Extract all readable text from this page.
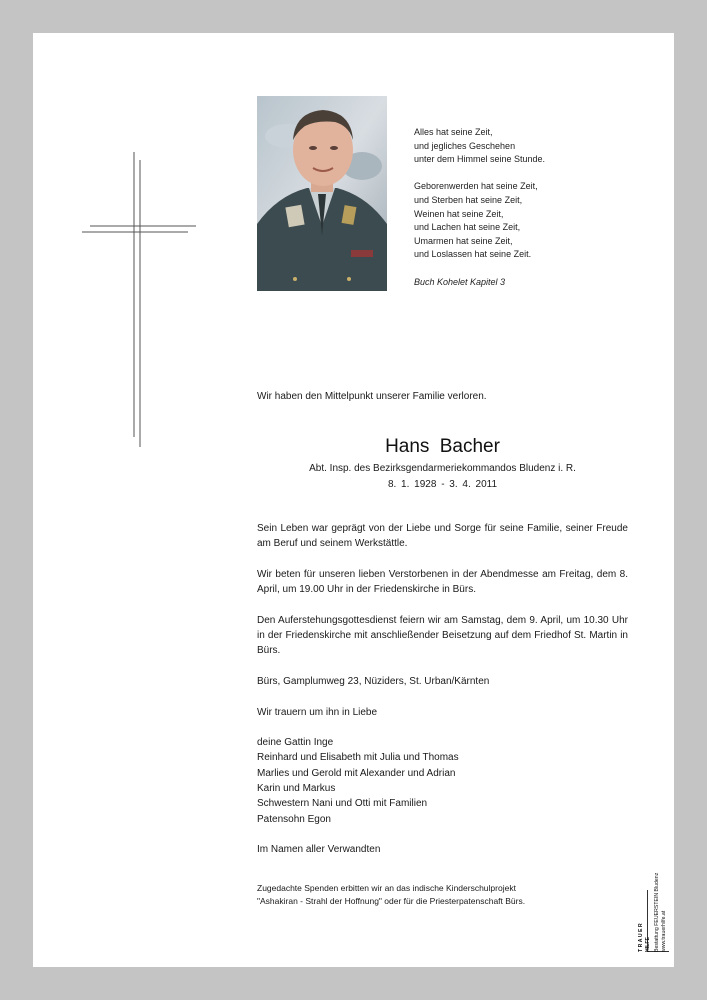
Alles hat seine Zeit,
und jegliches Geschehen
unter dem Himmel seine Stunde.
Geborenwerden hat seine Zeit,
und Sterben hat seine Zeit,
Weinen hat seine Zeit,
und Lachen hat seine Zeit,
Umarmen hat seine Zeit,
und Loslassen hat seine Zeit.
Buch Kohelet Kapitel 3
Wir haben den Mittelpunkt unserer Familie verloren.
Hans Bacher
Abt. Insp. des Bezirksgendarmeriekommandos Bludenz i. R.
8. 1. 1928 - 3. 4. 2011

Sein Leben war geprägt von der Liebe und Sorge für seine Familie, seiner Freude am Beruf und seinem Werkstättle.

Wir beten für unseren lieben Verstorbenen in der Abendmesse am Freitag, dem 8. April, um 19.00 Uhr in der Friedenskirche in Bürs.

Den Auferstehungsgottesdienst feiern wir am Samstag, dem 9. April, um 10.30 Uhr in der Friedenskirche mit anschließender Beisetzung auf dem Friedhof St. Martin in Bürs.

Bürs, Gamplumweg 23, Nüziders, St. Urban/Kärnten

Wir trauern um ihn in Liebe

deine Gattin Inge
Reinhard und Elisabeth mit Julia und Thomas
Marlies und Gerold mit Alexander und Adrian
Karin und Markus
Schwestern Nani und Otti mit Familien
Patensohn Egon

Im Namen aller Verwandten

Zugedachte Spenden erbitten wir an das indische Kinderschulprojekt
"Ashakiran - Strahl der Hoffnung" oder für die Priesterpatenschaft Bürs.
TRAUER HILFE Bestattung FEUERSTEIN Bludenz www.trauerhilfe.at
